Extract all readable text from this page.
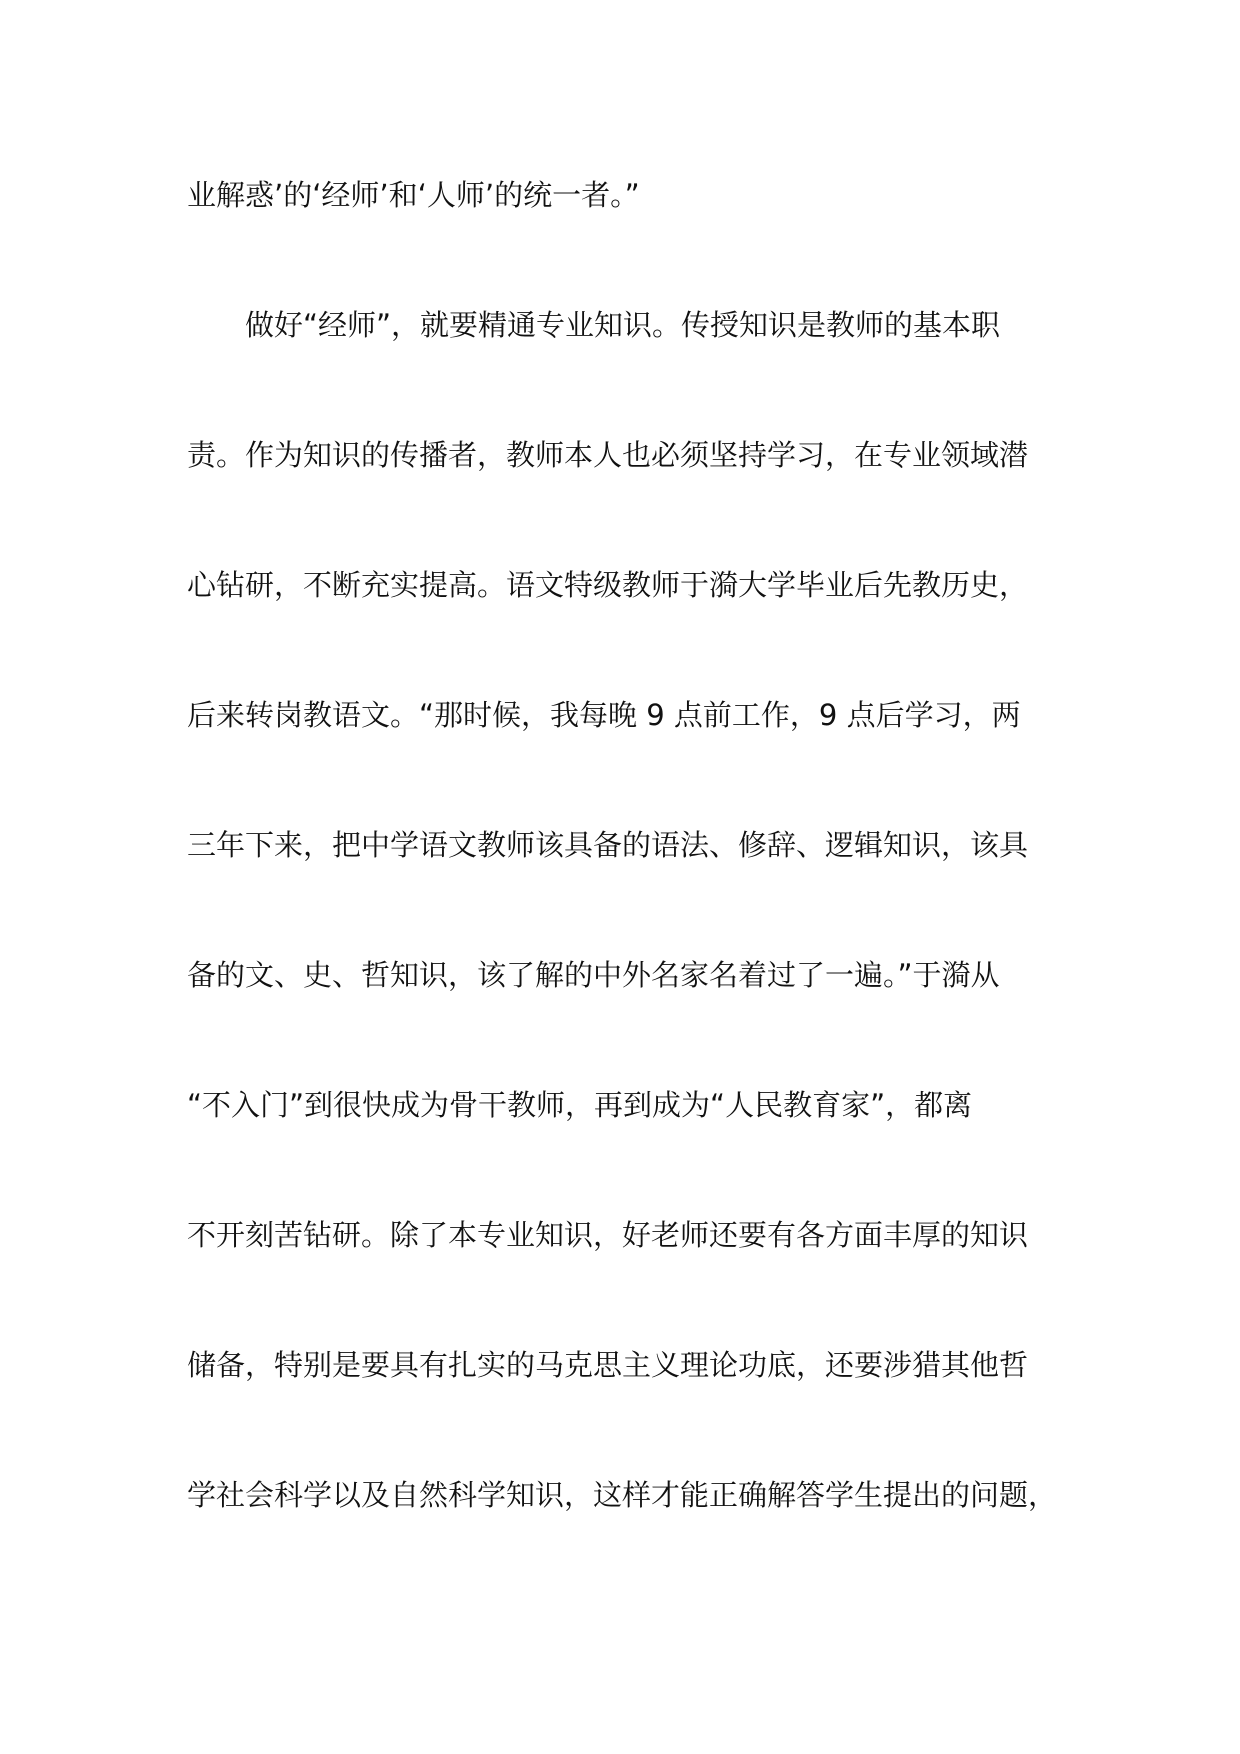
业解惑’的‘经师’和‘人师’的统一者。”
　　做好“经师”，就要精通专业知识。传授知识是教师的基本职
责。作为知识的传播者，教师本人也必须坚持学习，在专业领域潜
心钻研，不断充实提高。语文特级教师于漪大学毕业后先教历史，
后来转岗教语文。“那时候，我每晚 9 点前工作，9 点后学习，两
三年下来，把中学语文教师该具备的语法、修辞、逻辑知识，该具
备的文、史、哲知识，该了解的中外名家名着过了一遍。”于漪从
“不入门”到很快成为骨干教师，再到成为“人民教育家”，都离
不开刻苦钻研。除了本专业知识，好老师还要有各方面丰厚的知识
储备，特别是要具有扎实的马克思主义理论功底，还要涉猎其他哲
学社会科学以及自然科学知识，这样才能正确解答学生提出的问题，
